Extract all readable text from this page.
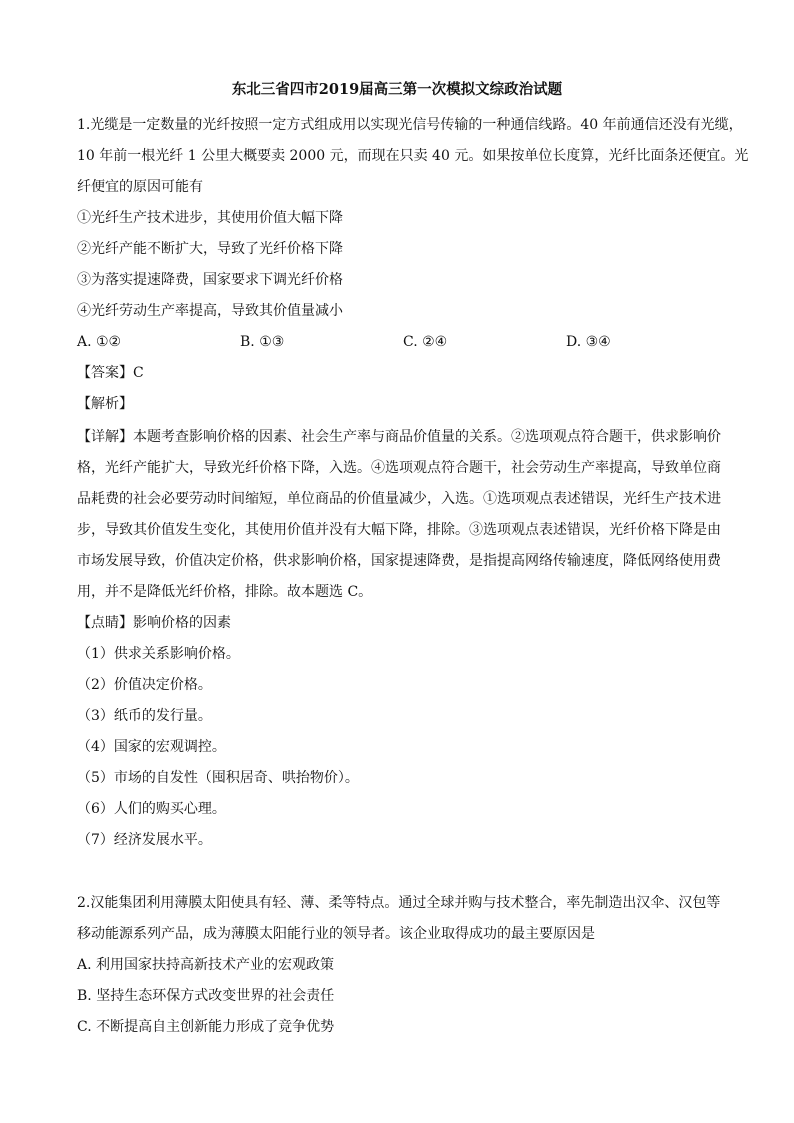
东北三省四市2019届高三第一次模拟文综政治试题
1.光缆是一定数量的光纤按照一定方式组成用以实现光信号传输的一种通信线路。40 年前通信还没有光缆，
10 年前一根光纤 1 公里大概要卖 2000 元，而现在只卖 40 元。如果按单位长度算，光纤比面条还便宜。光
纤便宜的原因可能有
①光纤生产技术进步，其使用价值大幅下降
②光纤产能不断扩大，导致了光纤价格下降
③为落实提速降费，国家要求下调光纤价格
④光纤劳动生产率提高，导致其价值量减小
A. ①②	B. ①③	C. ②④	D. ③④
【答案】C
【解析】
【详解】本题考查影响价格的因素、社会生产率与商品价值量的关系。②选项观点符合题干，供求影响价
格，光纤产能扩大，导致光纤价格下降，入选。④选项观点符合题干，社会劳动生产率提高，导致单位商
品耗费的社会必要劳动时间缩短，单位商品的价值量减少，入选。①选项观点表述错误，光纤生产技术进
步，导致其价值发生变化，其使用价值并没有大幅下降，排除。③选项观点表述错误，光纤价格下降是由
市场发展导致，价值决定价格，供求影响价格，国家提速降费，是指提高网络传输速度，降低网络使用费
用，并不是降低光纤价格，排除。故本题选 C。
【点睛】影响价格的因素
（1）供求关系影响价格。
（2）价值决定价格。
（3）纸币的发行量。
（4）国家的宏观调控。
（5）市场的自发性（囤积居奇、哄抬物价）。
（6）人们的购买心理。
（7）经济发展水平。
2.汉能集团利用薄膜太阳使具有轻、薄、柔等特点。通过全球并购与技术整合，率先制造出汉伞、汉包等
移动能源系列产品，成为薄膜太阳能行业的领导者。该企业取得成功的最主要原因是
A. 利用国家扶持高新技术产业的宏观政策
B. 坚持生态环保方式改变世界的社会责任
C. 不断提高自主创新能力形成了竞争优势
